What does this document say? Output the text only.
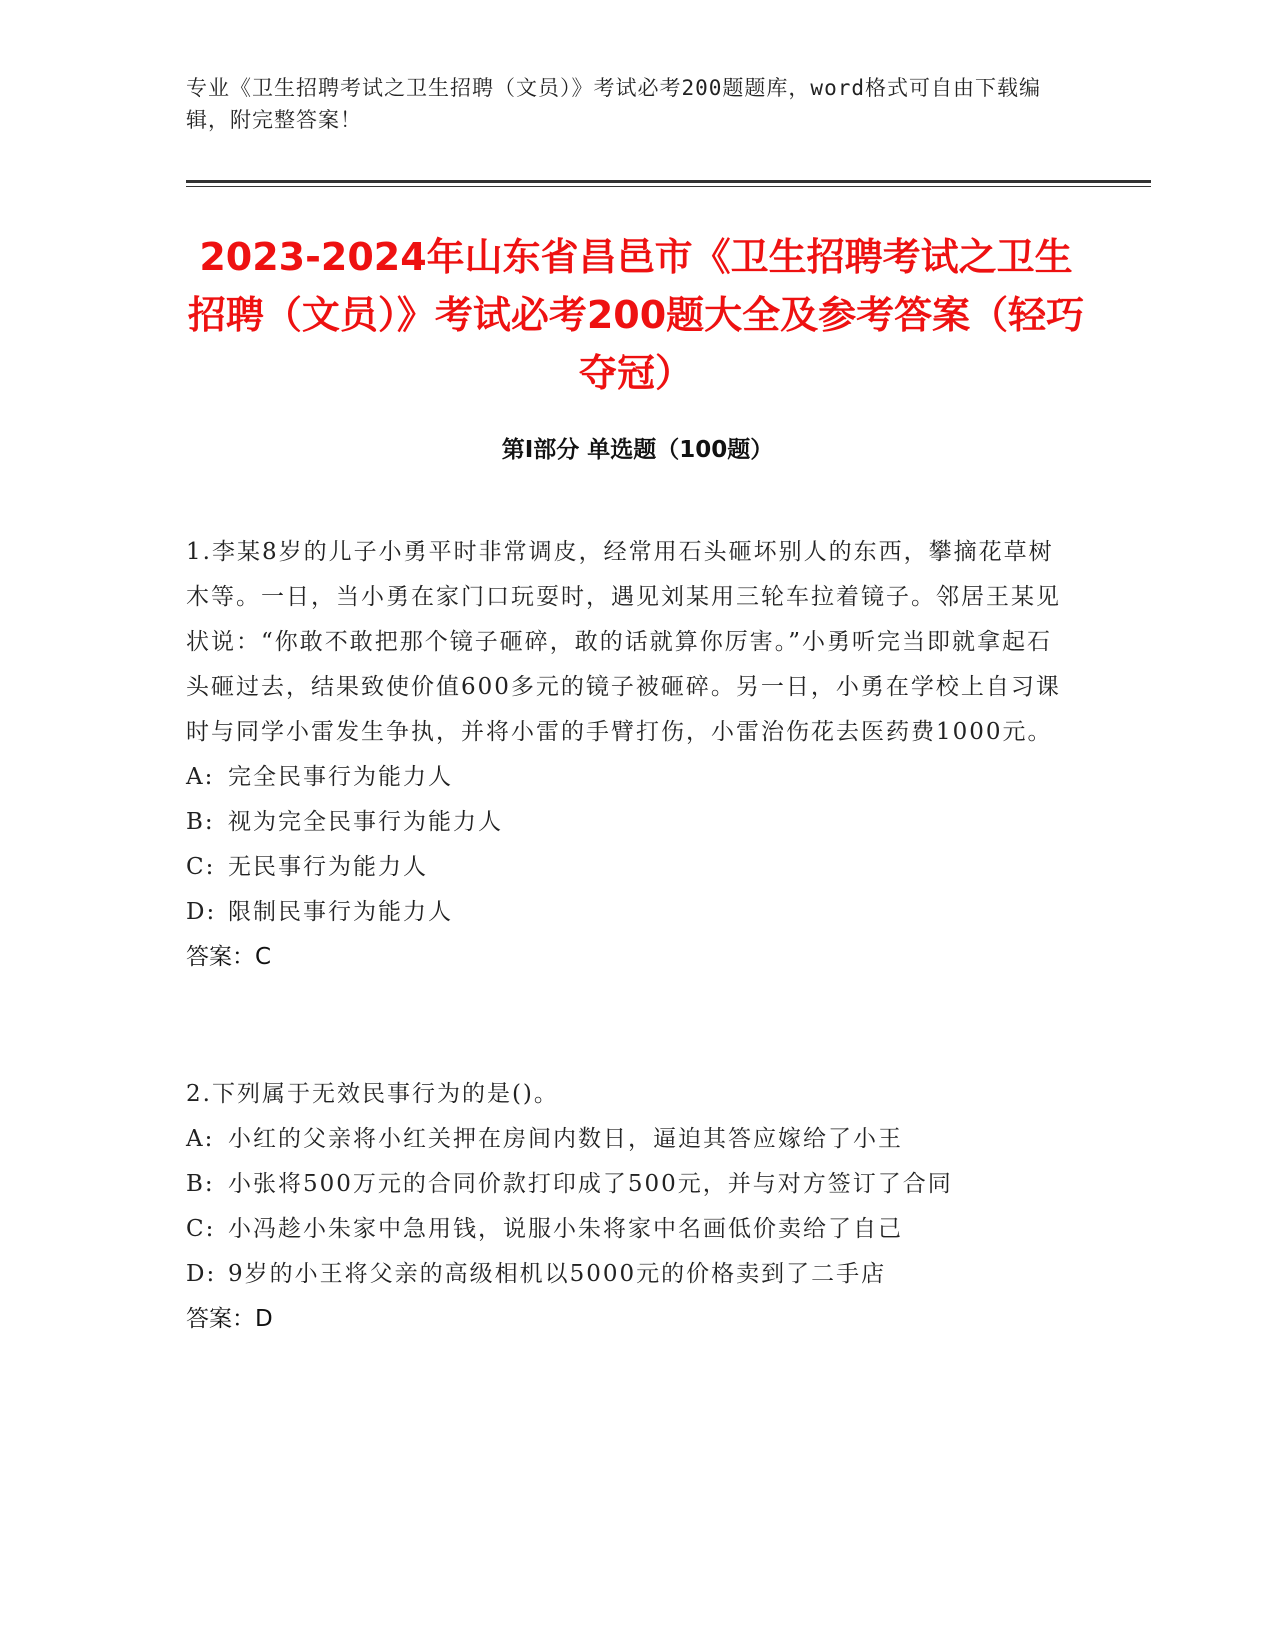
专业《卫生招聘考试之卫生招聘（文员）》考试必考200题题库，word格式可自由下载编辑，附完整答案！
2023-2024年山东省昌邑市《卫生招聘考试之卫生招聘（文员）》考试必考200题大全及参考答案（轻巧夺冠）
第Ⅰ部分 单选题（100题）

1.李某8岁的儿子小勇平时非常调皮，经常用石头砸坏别人的东西，攀摘花草树木等。一日，当小勇在家门口玩耍时，遇见刘某用三轮车拉着镜子。邻居王某见状说：“你敢不敢把那个镜子砸碎，敢的话就算你厉害。”小勇听完当即就拿起石头砸过去，结果致使价值600多元的镜子被砸碎。另一日，小勇在学校上自习课时与同学小雷发生争执，并将小雷的手臂打伤，小雷治伤花去医药费1000元。

A: 完全民事行为能力人

B: 视为完全民事行为能力人

C: 无民事行为能力人

D: 限制民事行为能力人

答案：C

2.下列属于无效民事行为的是()。

A: 小红的父亲将小红关押在房间内数日，逼迫其答应嫁给了小王

B: 小张将500万元的合同价款打印成了500元，并与对方签订了合同

C: 小冯趁小朱家中急用钱，说服小朱将家中名画低价卖给了自己

D: 9岁的小王将父亲的高级相机以5000元的价格卖到了二手店

答案：D
